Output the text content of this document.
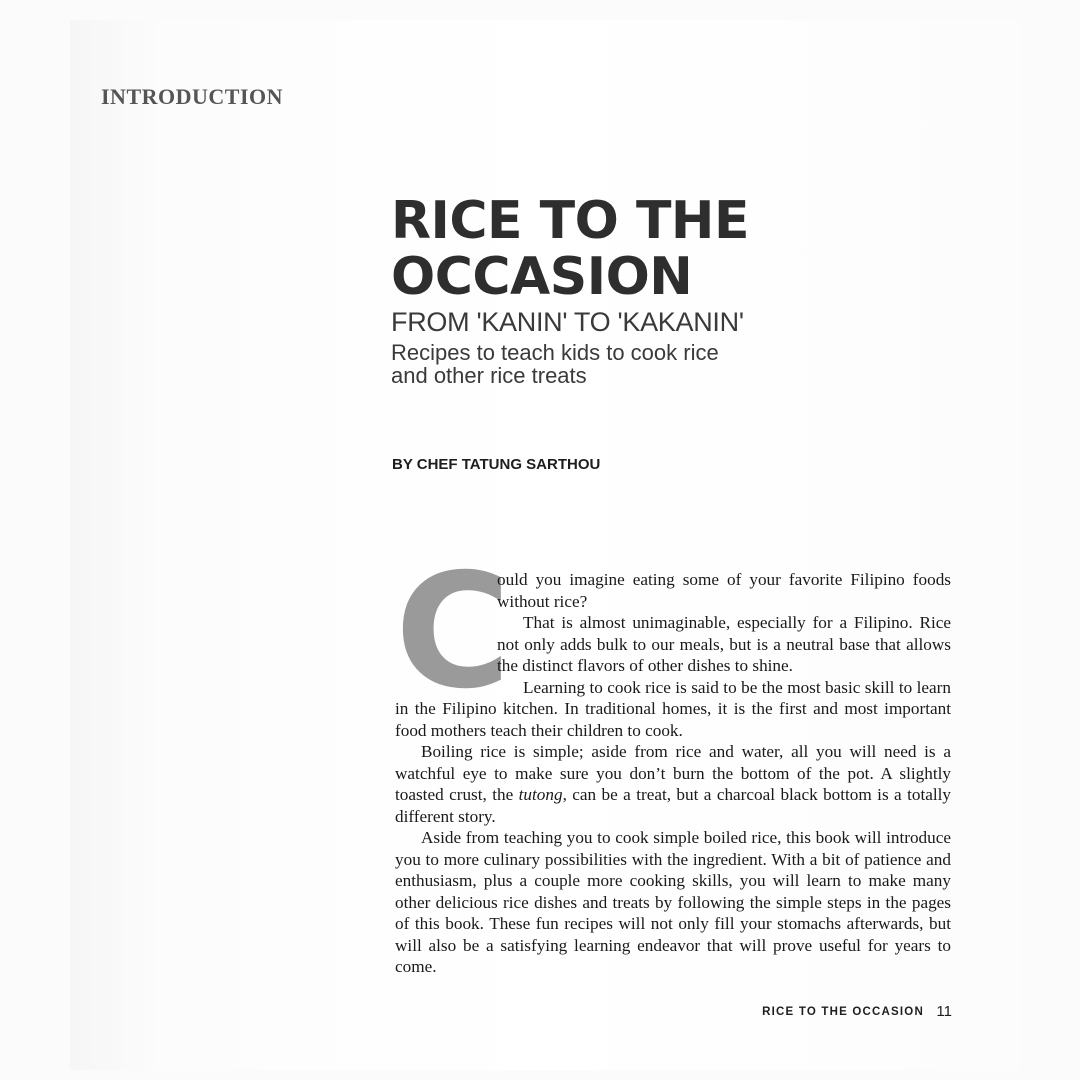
INTRODUCTION
RICE TO THE
OCCASION
FROM 'KANIN' TO 'KAKANIN'

Recipes to teach kids to cook rice
and other rice treats

BY CHEF TATUNG SARTHOU

C

ould you imagine eating some of your favorite Filipino foods without rice?

That is almost unimaginable, especially for a Filipino. Rice not only adds bulk to our meals, but is a neutral base that allows the distinct flavors of other dishes to shine.

Learning to cook rice is said to be the most basic skill to learn in the Filipino kitchen. In traditional homes, it is the first and most important food mothers teach their children to cook.

Boiling rice is simple; aside from rice and water, all you will need is a watchful eye to make sure you don’t burn the bottom of the pot. A slightly toasted crust, the tutong, can be a treat, but a charcoal black bottom is a totally different story.

Aside from teaching you to cook simple boiled rice, this book will introduce you to more culinary possibilities with the ingredient. With a bit of patience and enthusiasm, plus a couple more cooking skills, you will learn to make many other delicious rice dishes and treats by following the simple steps in the pages of this book. These fun recipes will not only fill your stomachs afterwards, but will also be a satisfying learning endeavor that will prove useful for years to come.

RICE TO THE OCCASION 11
